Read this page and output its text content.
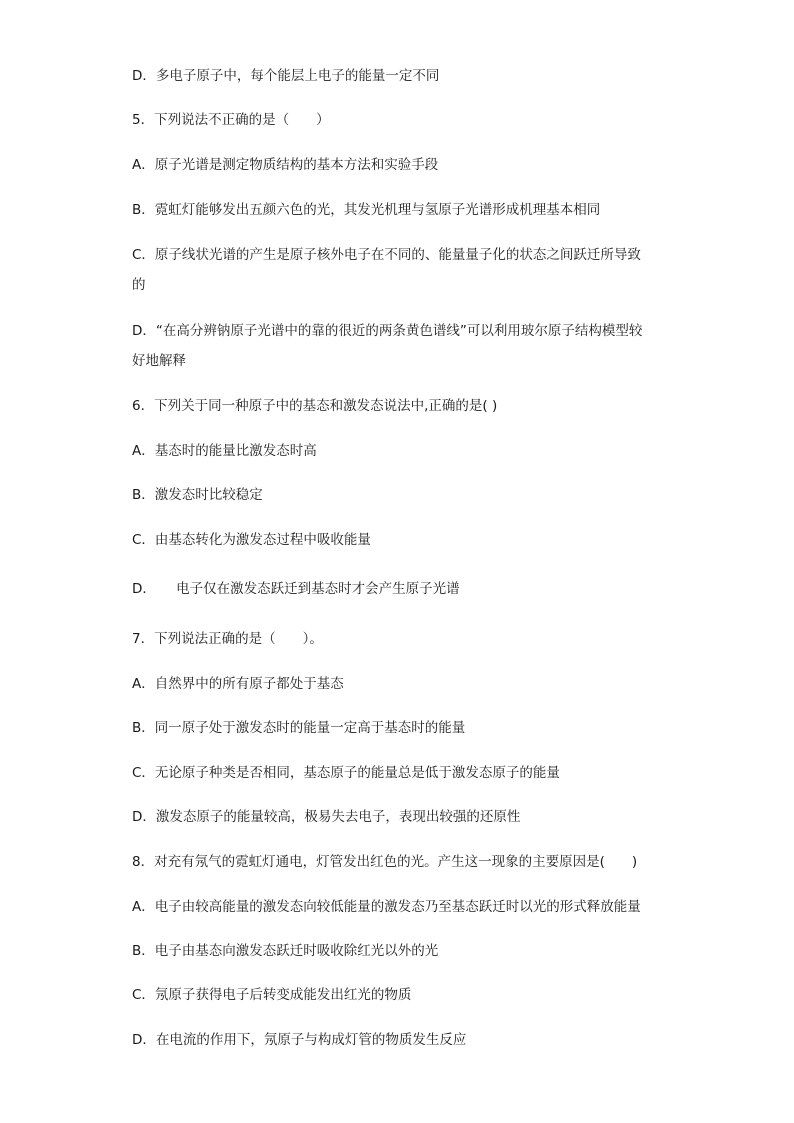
D．多电子原子中，每个能层上电子的能量一定不同
5．下列说法不正确的是（　　）
A．原子光谱是测定物质结构的基本方法和实验手段
B．霓虹灯能够发出五颜六色的光，其发光机理与氢原子光谱形成机理基本相同
C．原子线状光谱的产生是原子核外电子在不同的、能量量子化的状态之间跃迁所导致
的
D．“在高分辨钠原子光谱中的靠的很近的两条黄色谱线”可以利用玻尔原子结构模型较
好地解释
6．下列关于同一种原子中的基态和激发态说法中,正确的是( )
A．基态时的能量比激发态时高
B．激发态时比较稳定
C．由基态转化为激发态过程中吸收能量
D．　　电子仅在激发态跃迁到基态时才会产生原子光谱
7．下列说法正确的是（　　）。
A．自然界中的所有原子都处于基态
B．同一原子处于激发态时的能量一定高于基态时的能量
C．无论原子种类是否相同，基态原子的能量总是低于激发态原子的能量
D．激发态原子的能量较高，极易失去电子，表现出较强的还原性
8．对充有氖气的霓虹灯通电，灯管发出红色的光。产生这一现象的主要原因是(　　)
A．电子由较高能量的激发态向较低能量的激发态乃至基态跃迁时以光的形式释放能量
B．电子由基态向激发态跃迁时吸收除红光以外的光
C．氖原子获得电子后转变成能发出红光的物质
D．在电流的作用下，氖原子与构成灯管的物质发生反应
